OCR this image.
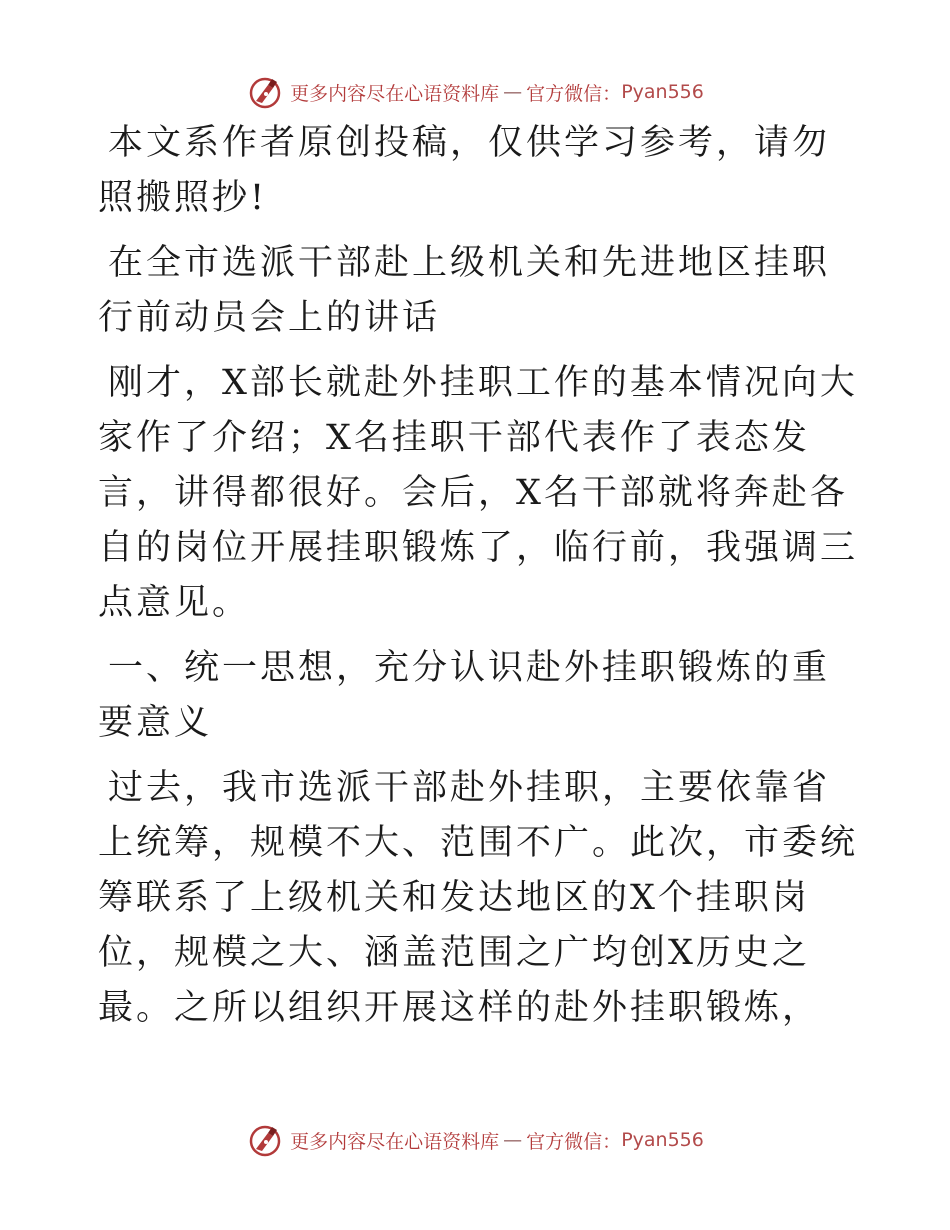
更多内容尽在心语资料库 — 官方微信： Pyan556

本文系作者原创投稿，仅供学习参考，请勿照搬照抄!

在全市选派干部赴上级机关和先进地区挂职行前动员会上的讲话

刚才，X部长就赴外挂职工作的基本情况向大家作了介绍；X名挂职干部代表作了表态发言，讲得都很好。会后，X名干部就将奔赴各自的岗位开展挂职锻炼了，临行前，我强调三点意见。

一、统一思想，充分认识赴外挂职锻炼的重要意义

过去，我市选派干部赴外挂职，主要依靠省上统筹，规模不大、范围不广。此次，市委统筹联系了上级机关和发达地区的X个挂职岗位，规模之大、涵盖范围之广均创X历史之最。之所以组织开展这样的赴外挂职锻炼，

更多内容尽在心语资料库 — 官方微信： Pyan556
